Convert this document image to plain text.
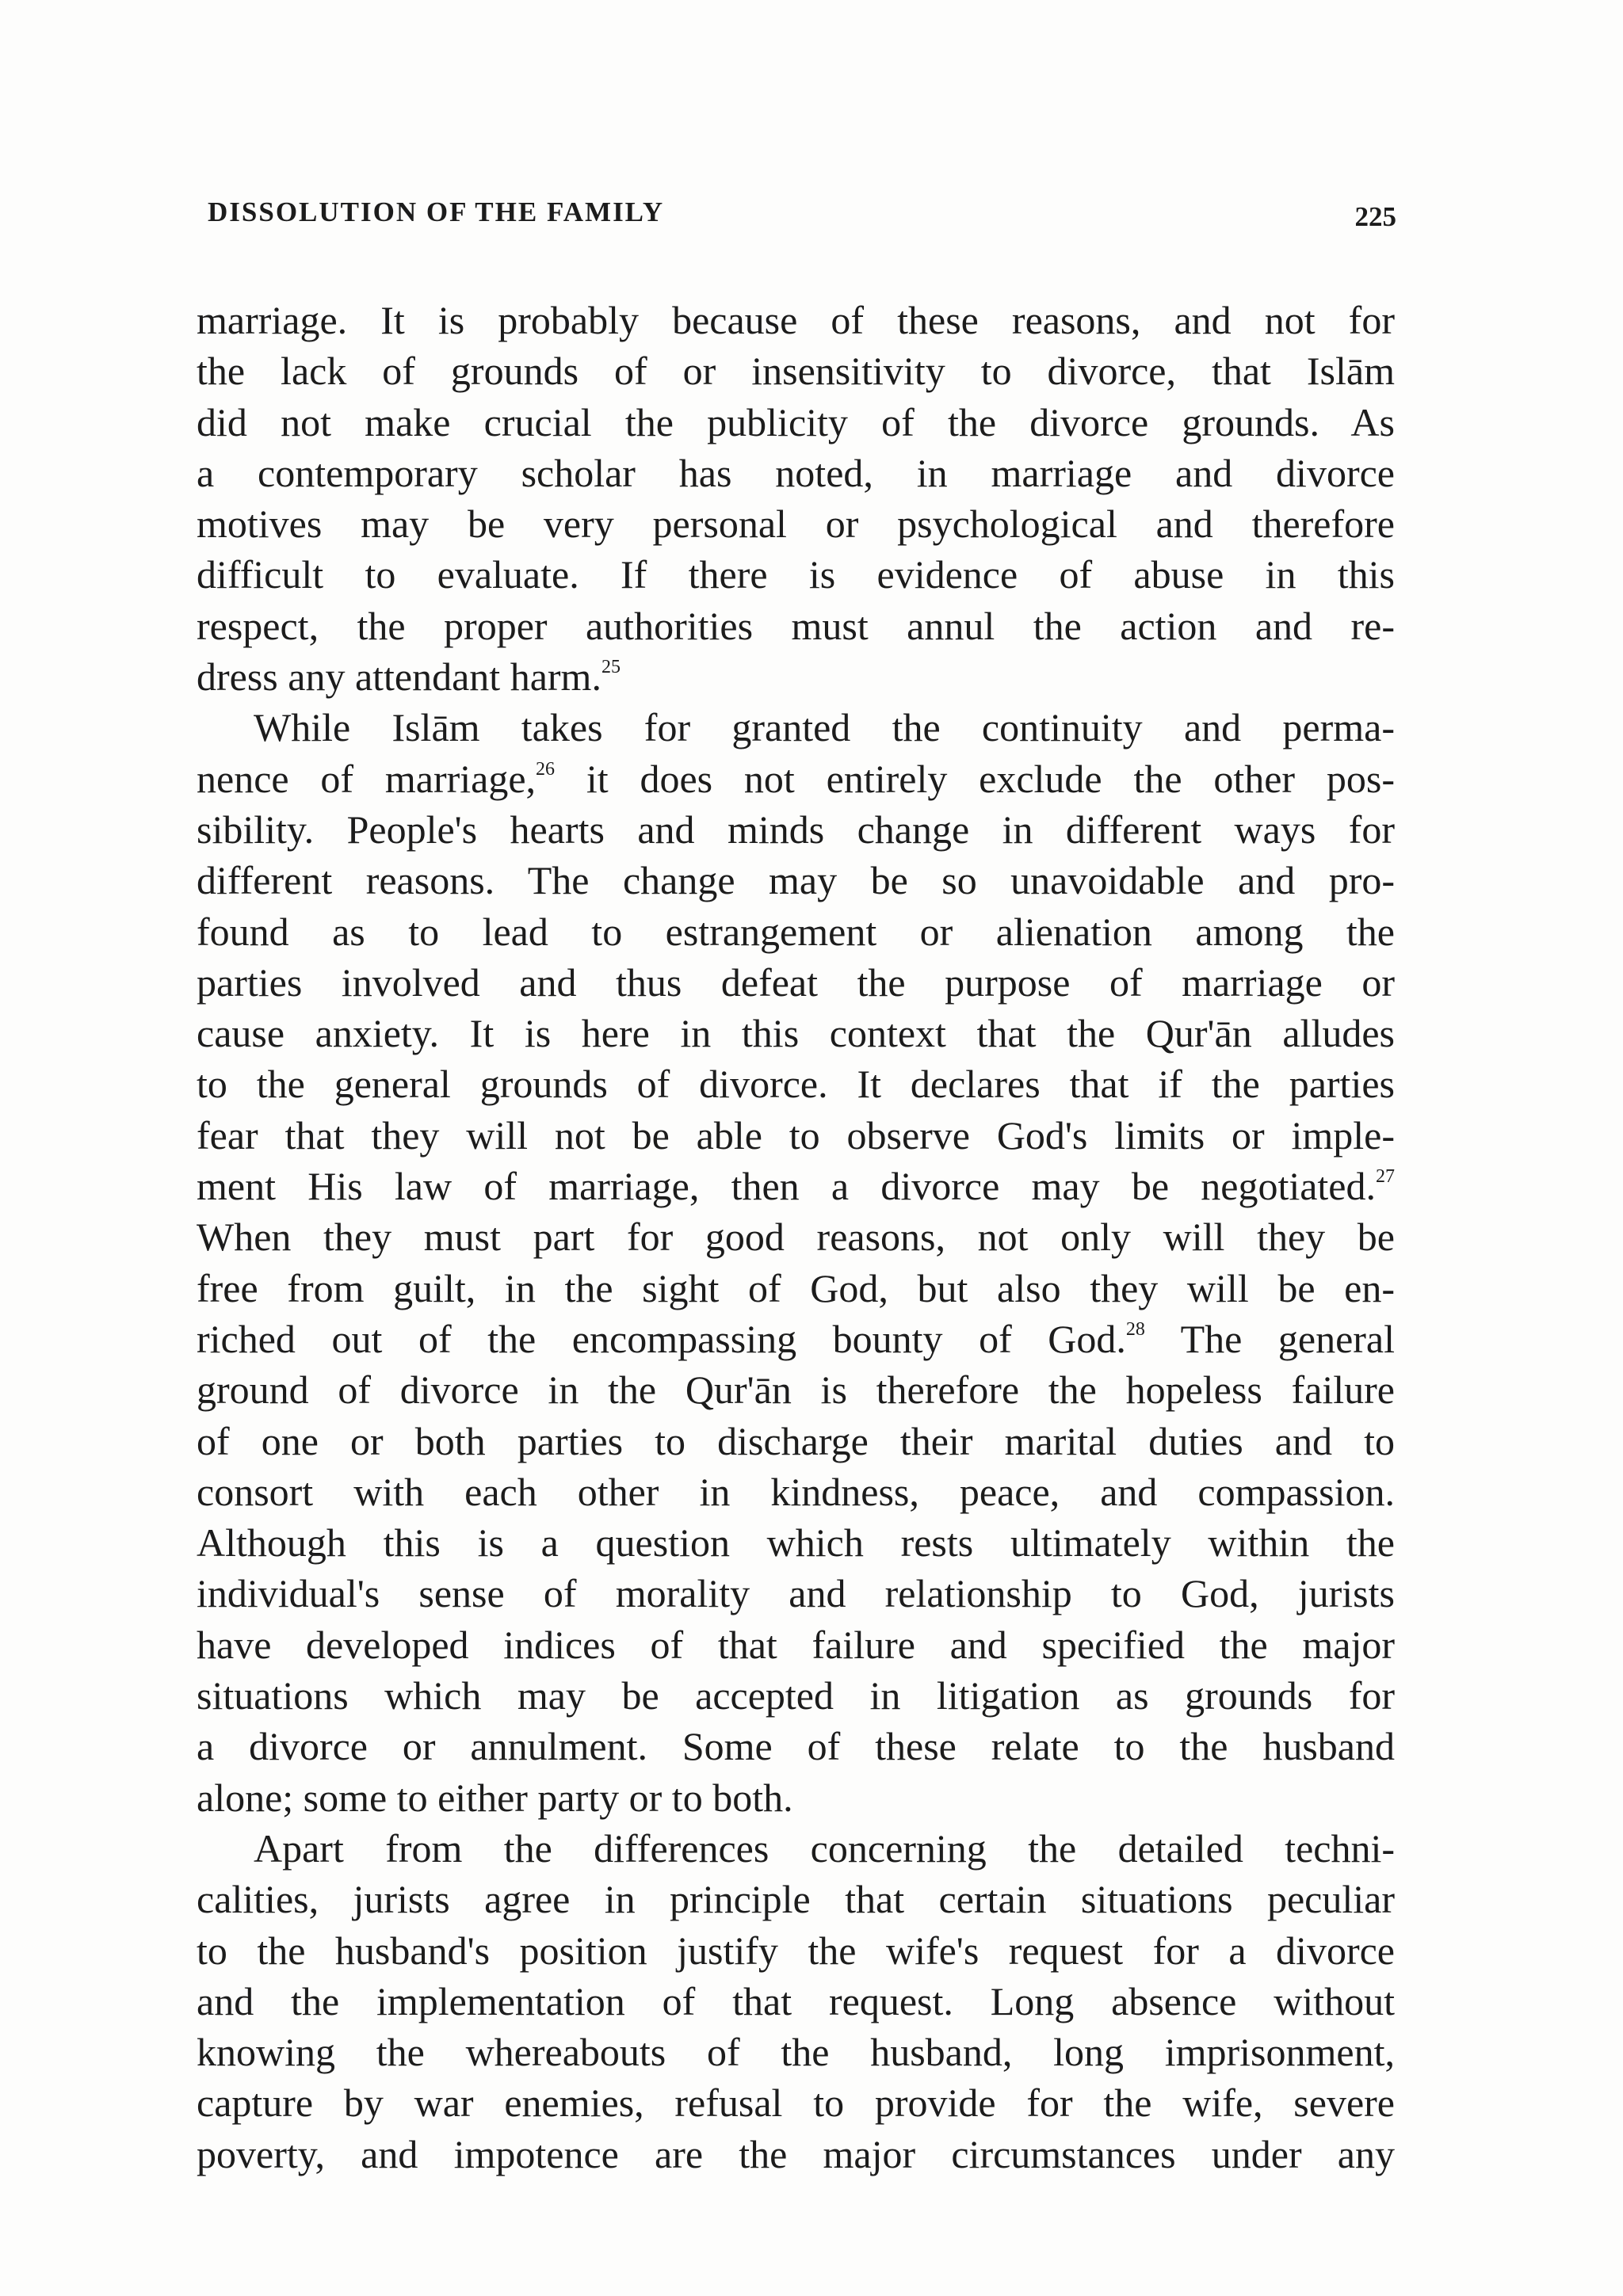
DISSOLUTION OF THE FAMILY	225
marriage. It is probably because of these reasons, and not for
the lack of grounds of or insensitivity to divorce, that Islām
did not make crucial the publicity of the divorce grounds. As
a contemporary scholar has noted, in marriage and divorce
motives may be very personal or psychological and therefore
difficult to evaluate. If there is evidence of abuse in this
respect, the proper authorities must annul the action and re-
dress any attendant harm.$^{25}$
While Islām takes for granted the continuity and perma-
nence of marriage,$^{26}$ it does not entirely exclude the other pos-
sibility. People's hearts and minds change in different ways for
different reasons. The change may be so unavoidable and pro-
found as to lead to estrangement or alienation among the
parties involved and thus defeat the purpose of marriage or
cause anxiety. It is here in this context that the Qur'ān alludes
to the general grounds of divorce. It declares that if the parties
fear that they will not be able to observe God's limits or imple-
ment His law of marriage, then a divorce may be negotiated.$^{27}$
When they must part for good reasons, not only will they be
free from guilt, in the sight of God, but also they will be en-
riched out of the encompassing bounty of God.$^{28}$ The general
ground of divorce in the Qur'ān is therefore the hopeless failure
of one or both parties to discharge their marital duties and to
consort with each other in kindness, peace, and compassion.
Although this is a question which rests ultimately within the
individual's sense of morality and relationship to God, jurists
have developed indices of that failure and specified the major
situations which may be accepted in litigation as grounds for
a divorce or annulment. Some of these relate to the husband
alone; some to either party or to both.
Apart from the differences concerning the detailed techni-
calities, jurists agree in principle that certain situations peculiar
to the husband's position justify the wife's request for a divorce
and the implementation of that request. Long absence without
knowing the whereabouts of the husband, long imprisonment,
capture by war enemies, refusal to provide for the wife, severe
poverty, and impotence are the major circumstances under any
